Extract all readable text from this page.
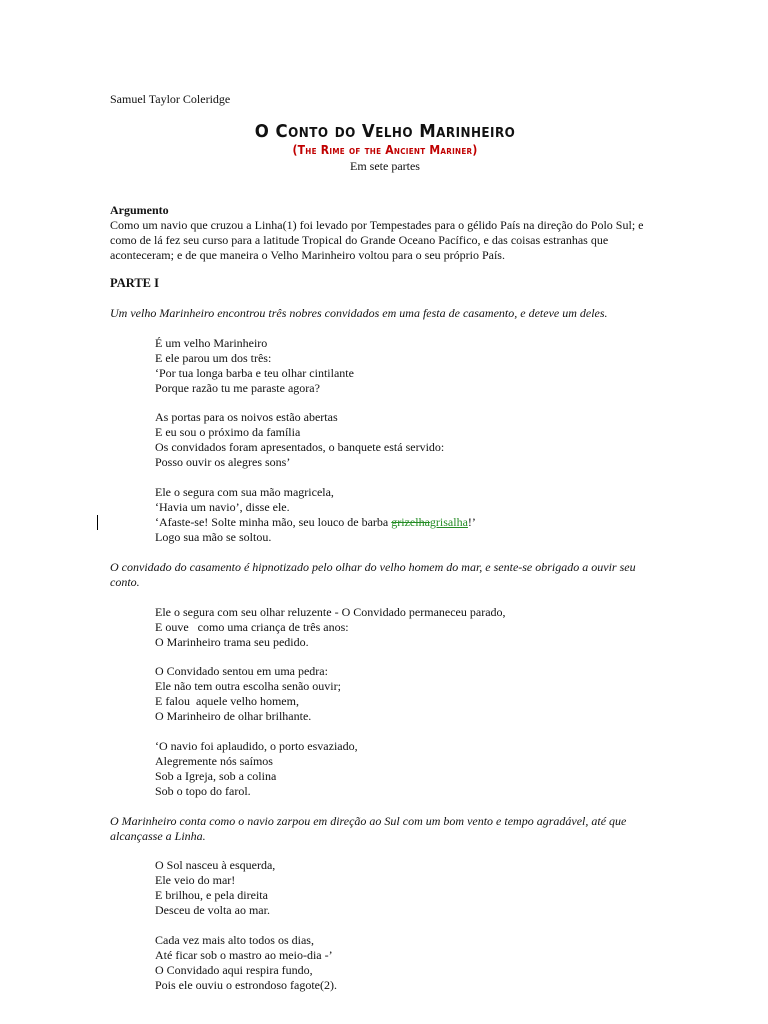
Samuel Taylor Coleridge
O Conto do Velho Marinheiro
(The Rime of the Ancient Mariner)
Em sete partes
Argumento

Como um navio que cruzou a Linha(1) foi levado por Tempestades para o gélido País na direção do Polo Sul; e como de lá fez seu curso para a latitude Tropical do Grande Oceano Pacífico, e das coisas estranhas que aconteceram; e de que maneira o Velho Marinheiro voltou para o seu próprio País.

PARTE I
Um velho Marinheiro encontrou três nobres convidados em uma festa de casamento, e deteve um deles.
É um velho Marinheiro
E ele parou um dos três:
‘Por tua longa barba e teu olhar cintilante
Porque razão tu me paraste agora?
As portas para os noivos estão abertas
E eu sou o próximo da família
Os convidados foram apresentados, o banquete está servido:
Posso ouvir os alegres sons’
Ele o segura com sua mão magricela,
‘Havia um navio’, disse ele.
‘Afaste-se! Solte minha mão, seu louco de barba grizelhagrisalha!’
Logo sua mão se soltou.
O convidado do casamento é hipnotizado pelo olhar do velho homem do mar, e sente-se obrigado a ouvir seu conto.
Ele o segura com seu olhar reluzente - O Convidado permaneceu parado,
E ouve   como uma criança de três anos:
O Marinheiro trama seu pedido.
O Convidado sentou em uma pedra:
Ele não tem outra escolha senão ouvir;
E falou  aquele velho homem,
O Marinheiro de olhar brilhante.
‘O navio foi aplaudido, o porto esvaziado,
Alegremente nós saímos
Sob a Igreja, sob a colina
Sob o topo do farol.
O Marinheiro conta como o navio zarpou em direção ao Sul com um bom vento e tempo agradável, até que alcançasse a Linha.
O Sol nasceu à esquerda,
Ele veio do mar!
E brilhou, e pela direita
Desceu de volta ao mar.
Cada vez mais alto todos os dias,
Até ficar sob o mastro ao meio-dia -’
O Convidado aqui respira fundo,
Pois ele ouviu o estrondoso fagote(2).
